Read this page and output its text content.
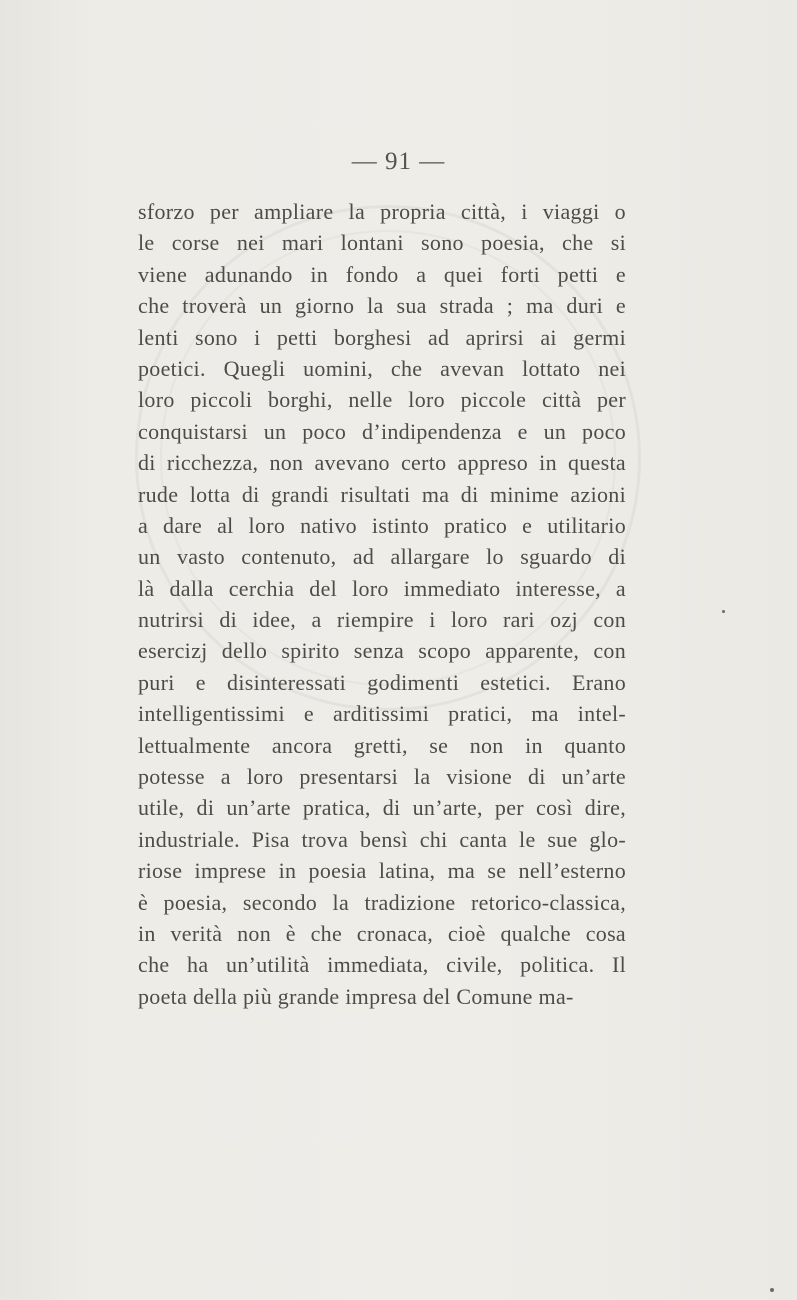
— 91 —
sforzo per ampliare la propria città, i viaggi o
le corse nei mari lontani sono poesia, che si
viene adunando in fondo a quei forti petti e
che troverà un giorno la sua strada ; ma duri e
lenti sono i petti borghesi ad aprirsi ai germi
poetici. Quegli uomini, che avevan lottato nei
loro piccoli borghi, nelle loro piccole città per
conquistarsi un poco d’indipendenza e un poco
di ricchezza, non avevano certo appreso in questa
rude lotta di grandi risultati ma di minime azioni
a dare al loro nativo istinto pratico e utilitario
un vasto contenuto, ad allargare lo sguardo di
là dalla cerchia del loro immediato interesse, a
nutrirsi di idee, a riempire i loro rari ozj con
esercizj dello spirito senza scopo apparente, con
puri e disinteressati godimenti estetici. Erano
intelligentissimi e arditissimi pratici, ma intel-
lettualmente ancora gretti, se non in quanto
potesse a loro presentarsi la visione di un’arte
utile, di un’arte pratica, di un’arte, per così dire,
industriale. Pisa trova bensì chi canta le sue glo-
riose imprese in poesia latina, ma se nell’esterno
è poesia, secondo la tradizione retorico-classica,
in verità non è che cronaca, cioè qualche cosa
che ha un’utilità immediata, civile, politica. Il
poeta della più grande impresa del Comune ma-
